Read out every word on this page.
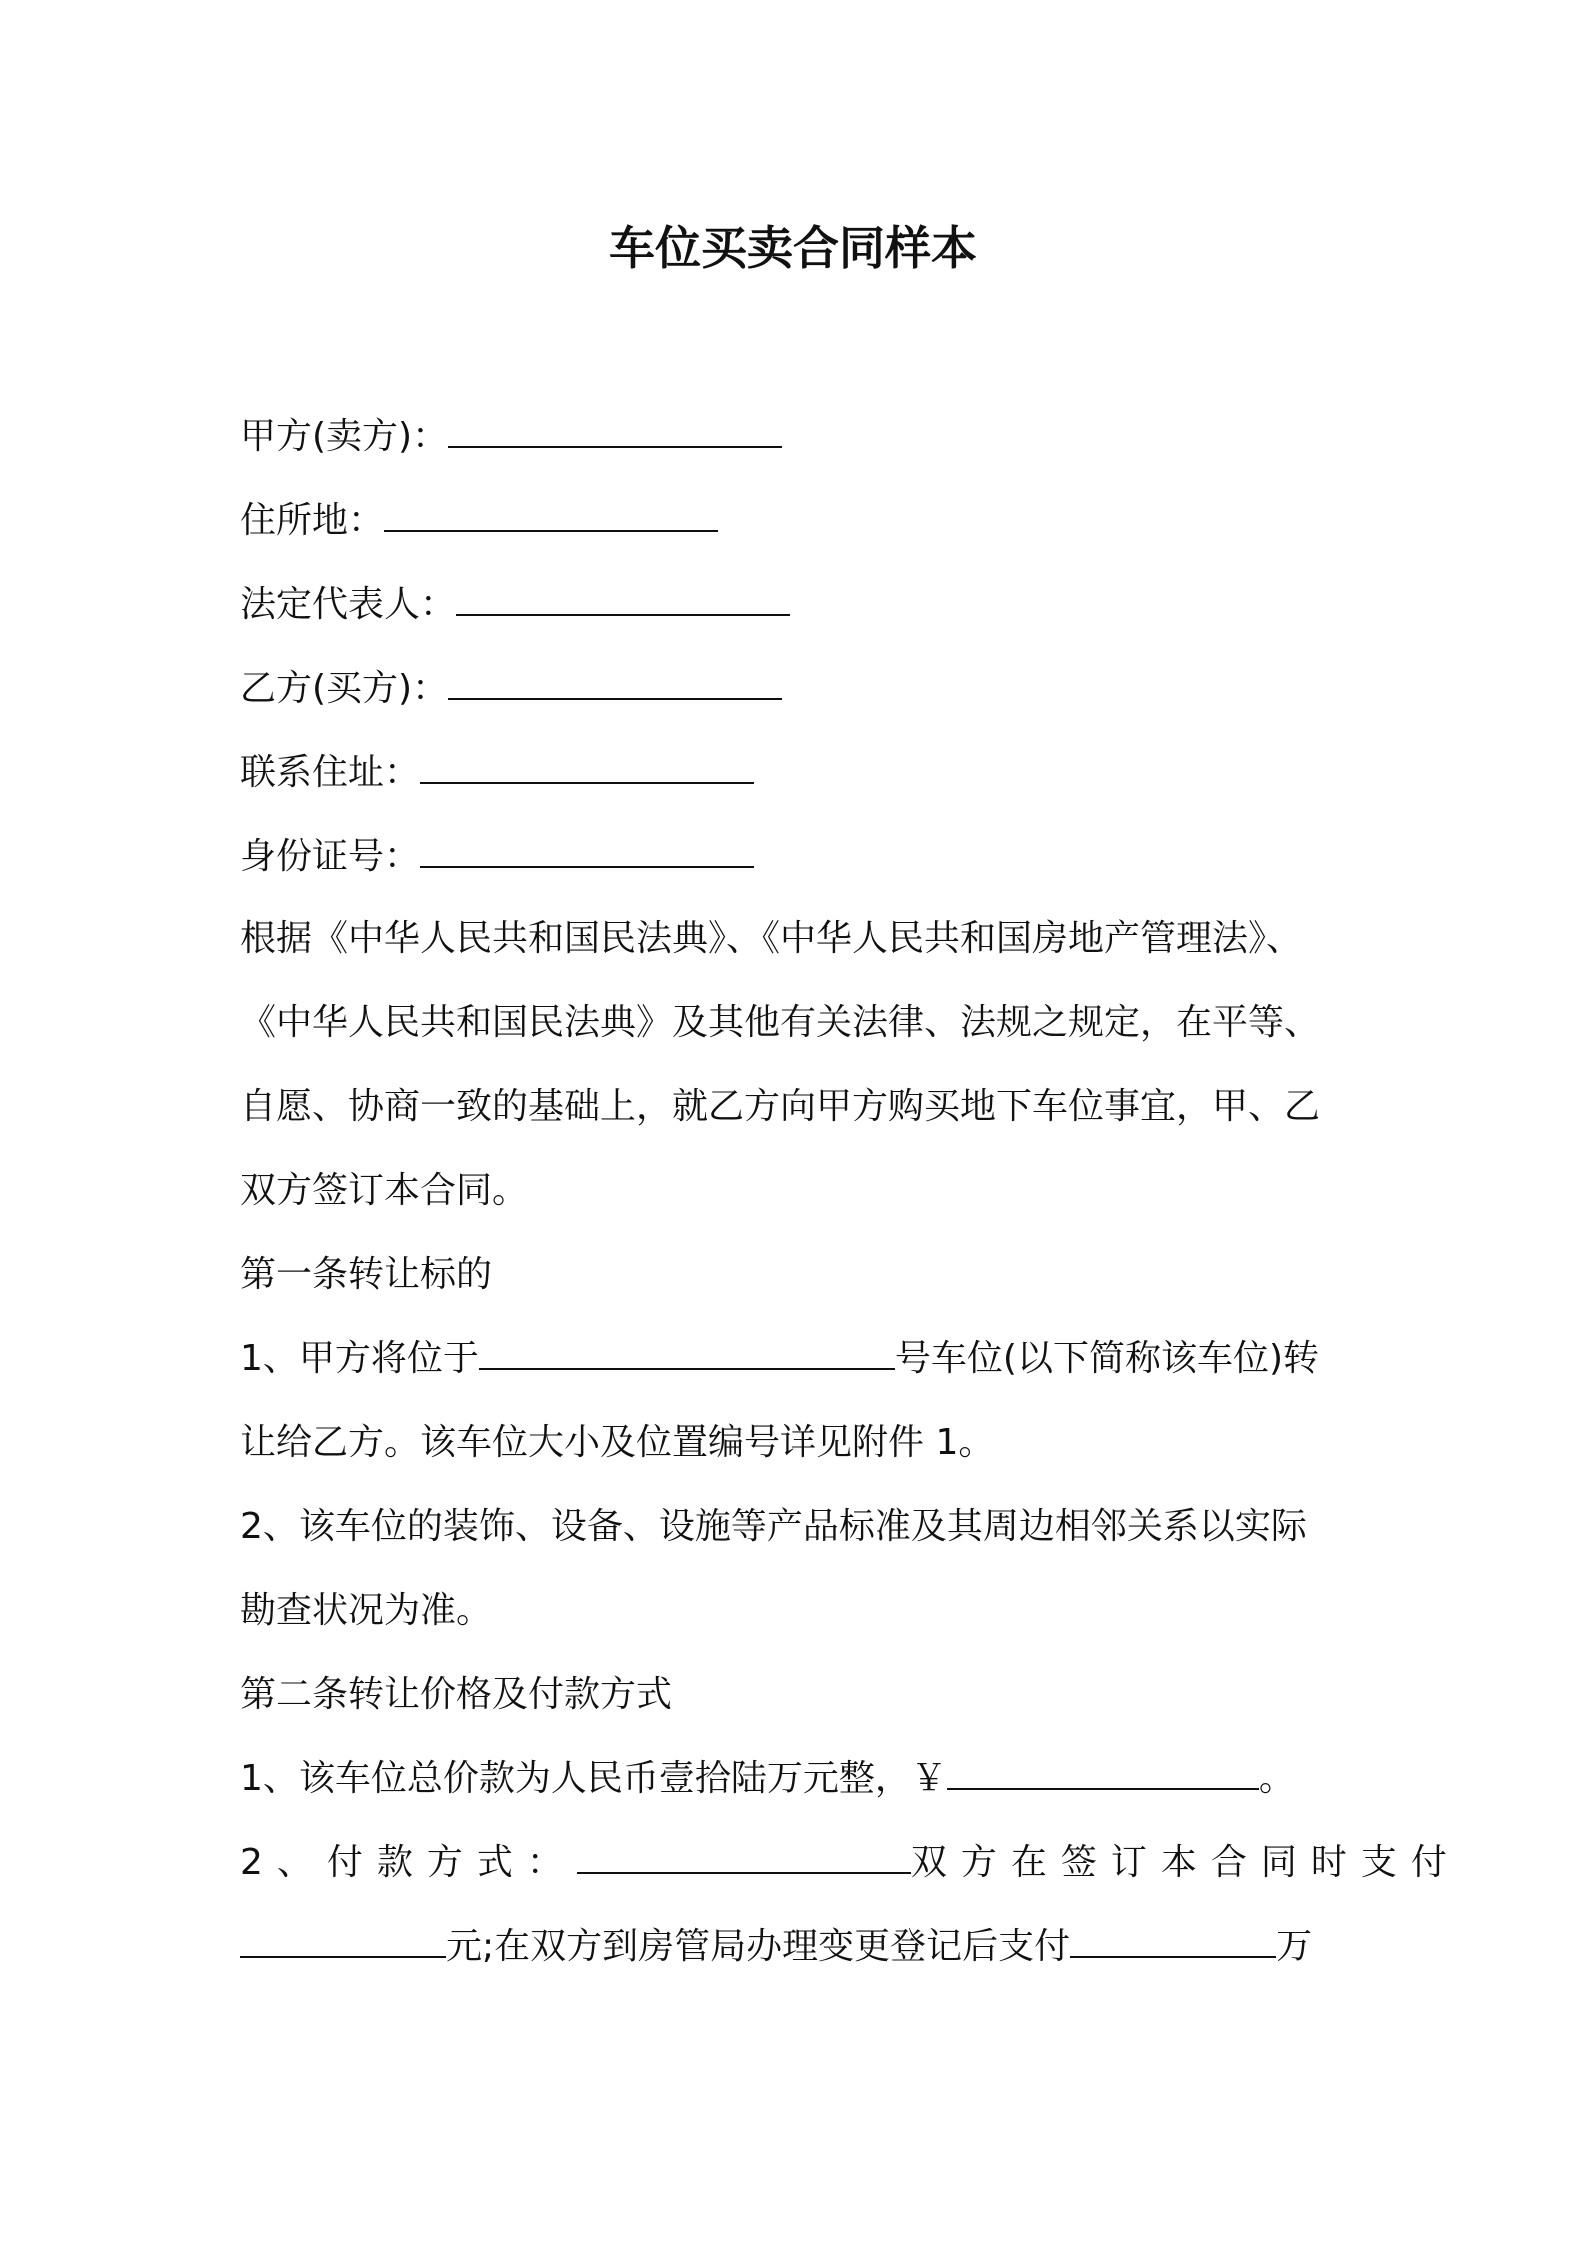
车位买卖合同样本

甲方(卖方)：

住所地：

法定代表人：

乙方(买方)：

联系住址：

身份证号：

根据《中华人民共和国民法典》、《中华人民共和国房地产管理法》、

《中华人民共和国民法典》及其他有关法律、法规之规定，在平等、

自愿、协商一致的基础上，就乙方向甲方购买地下车位事宜，甲、乙

双方签订本合同。

第一条转让标的

1、甲方将位于	号车位(以下简称该车位)转

让给乙方。该车位大小及位置编号详见附件 1。

2、该车位的装饰、设备、设施等产品标准及其周边相邻关系以实际

勘查状况为准。

第二条转让价格及付款方式

1、该车位总价款为人民币壹拾陆万元整，￥	。

2、付款方式：	双方在签订本合同时支付

元;在双方到房管局办理变更登记后支付	万
